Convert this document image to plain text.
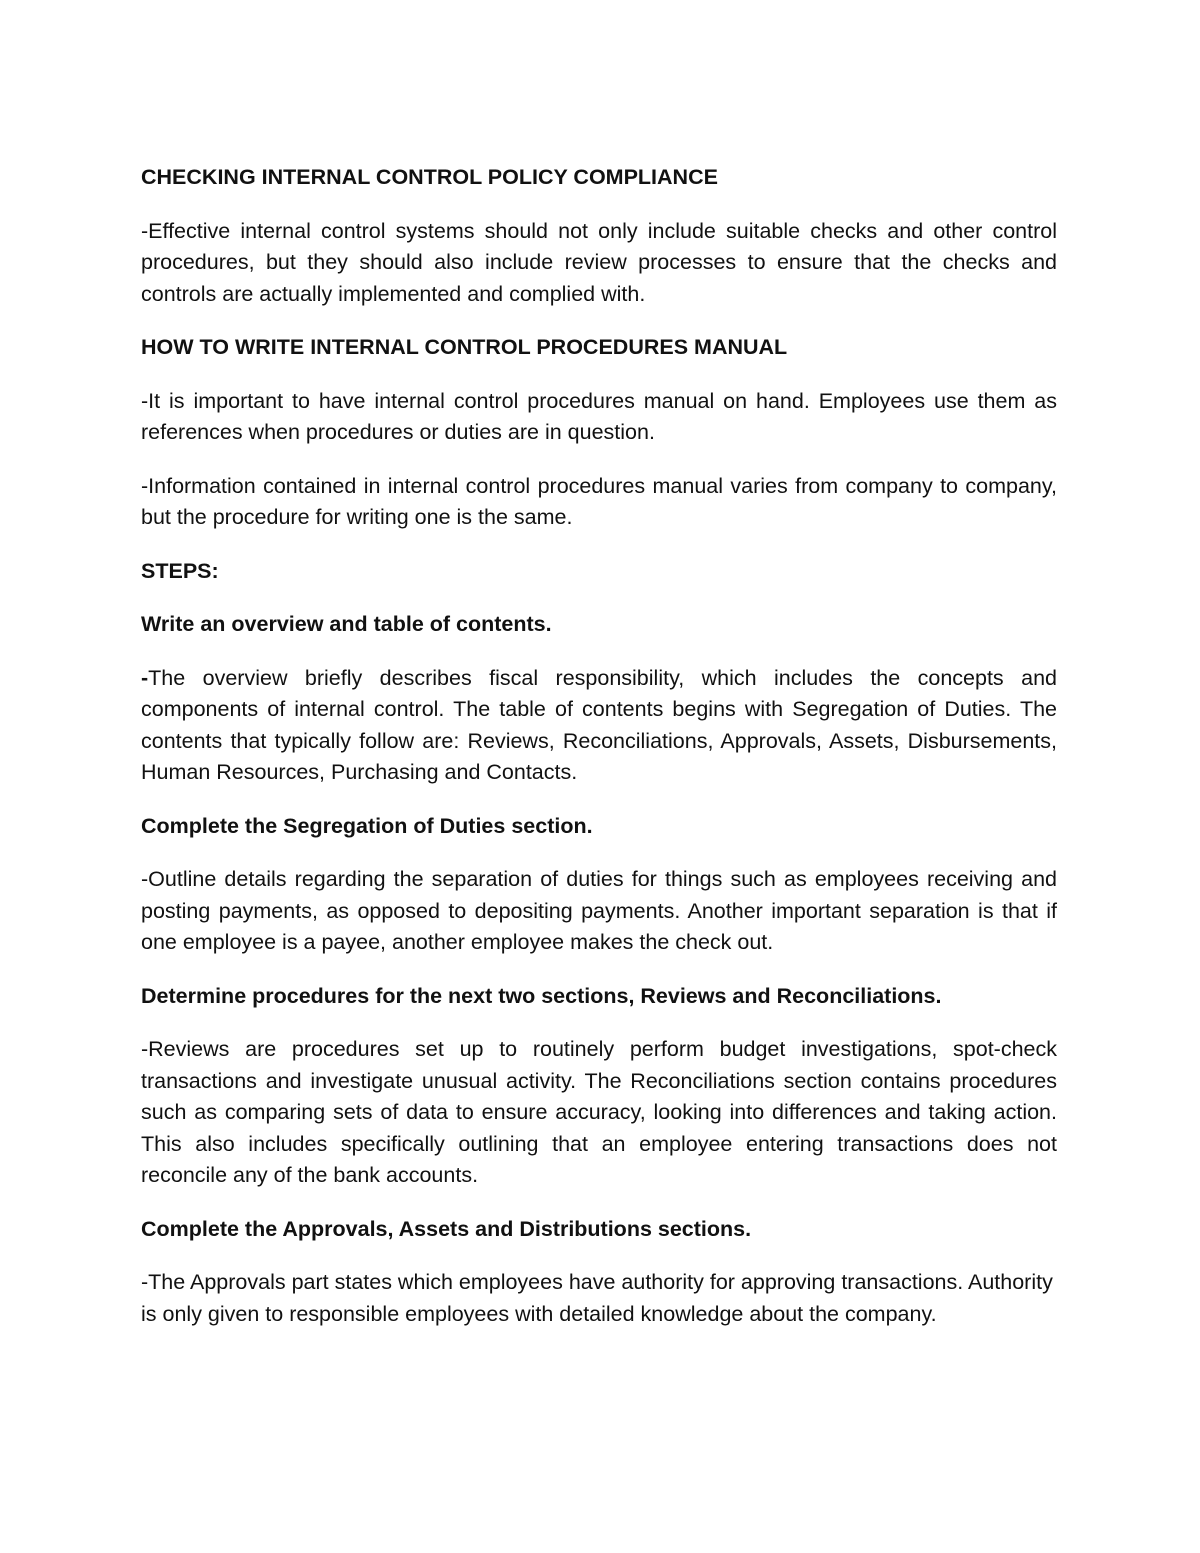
CHECKING INTERNAL CONTROL POLICY COMPLIANCE
-Effective internal control systems should not only include suitable checks and other control procedures, but they should also include review processes to ensure that the checks and controls are actually implemented and complied with.
HOW TO WRITE INTERNAL CONTROL PROCEDURES MANUAL
-It is important to have internal control procedures manual on hand. Employees use them as references when procedures or duties are in question.
-Information contained in internal control procedures manual varies from company to company, but the procedure for writing one is the same.
STEPS:
Write an overview and table of contents.
-The overview briefly describes fiscal responsibility, which includes the concepts and components of internal control. The table of contents begins with Segregation of Duties. The contents that typically follow are: Reviews, Reconciliations, Approvals, Assets, Disbursements, Human Resources, Purchasing and Contacts.
Complete the Segregation of Duties section.
-Outline details regarding the separation of duties for things such as employees receiving and posting payments, as opposed to depositing payments. Another important separation is that if one employee is a payee, another employee makes the check out.
Determine procedures for the next two sections, Reviews and Reconciliations.
-Reviews are procedures set up to routinely perform budget investigations, spot-check transactions and investigate unusual activity. The Reconciliations section contains procedures such as comparing sets of data to ensure accuracy, looking into differences and taking action. This also includes specifically outlining that an employee entering transactions does not reconcile any of the bank accounts.
Complete the Approvals, Assets and Distributions sections.
-The Approvals part states which employees have authority for approving transactions. Authority is only given to responsible employees with detailed knowledge about the company.
